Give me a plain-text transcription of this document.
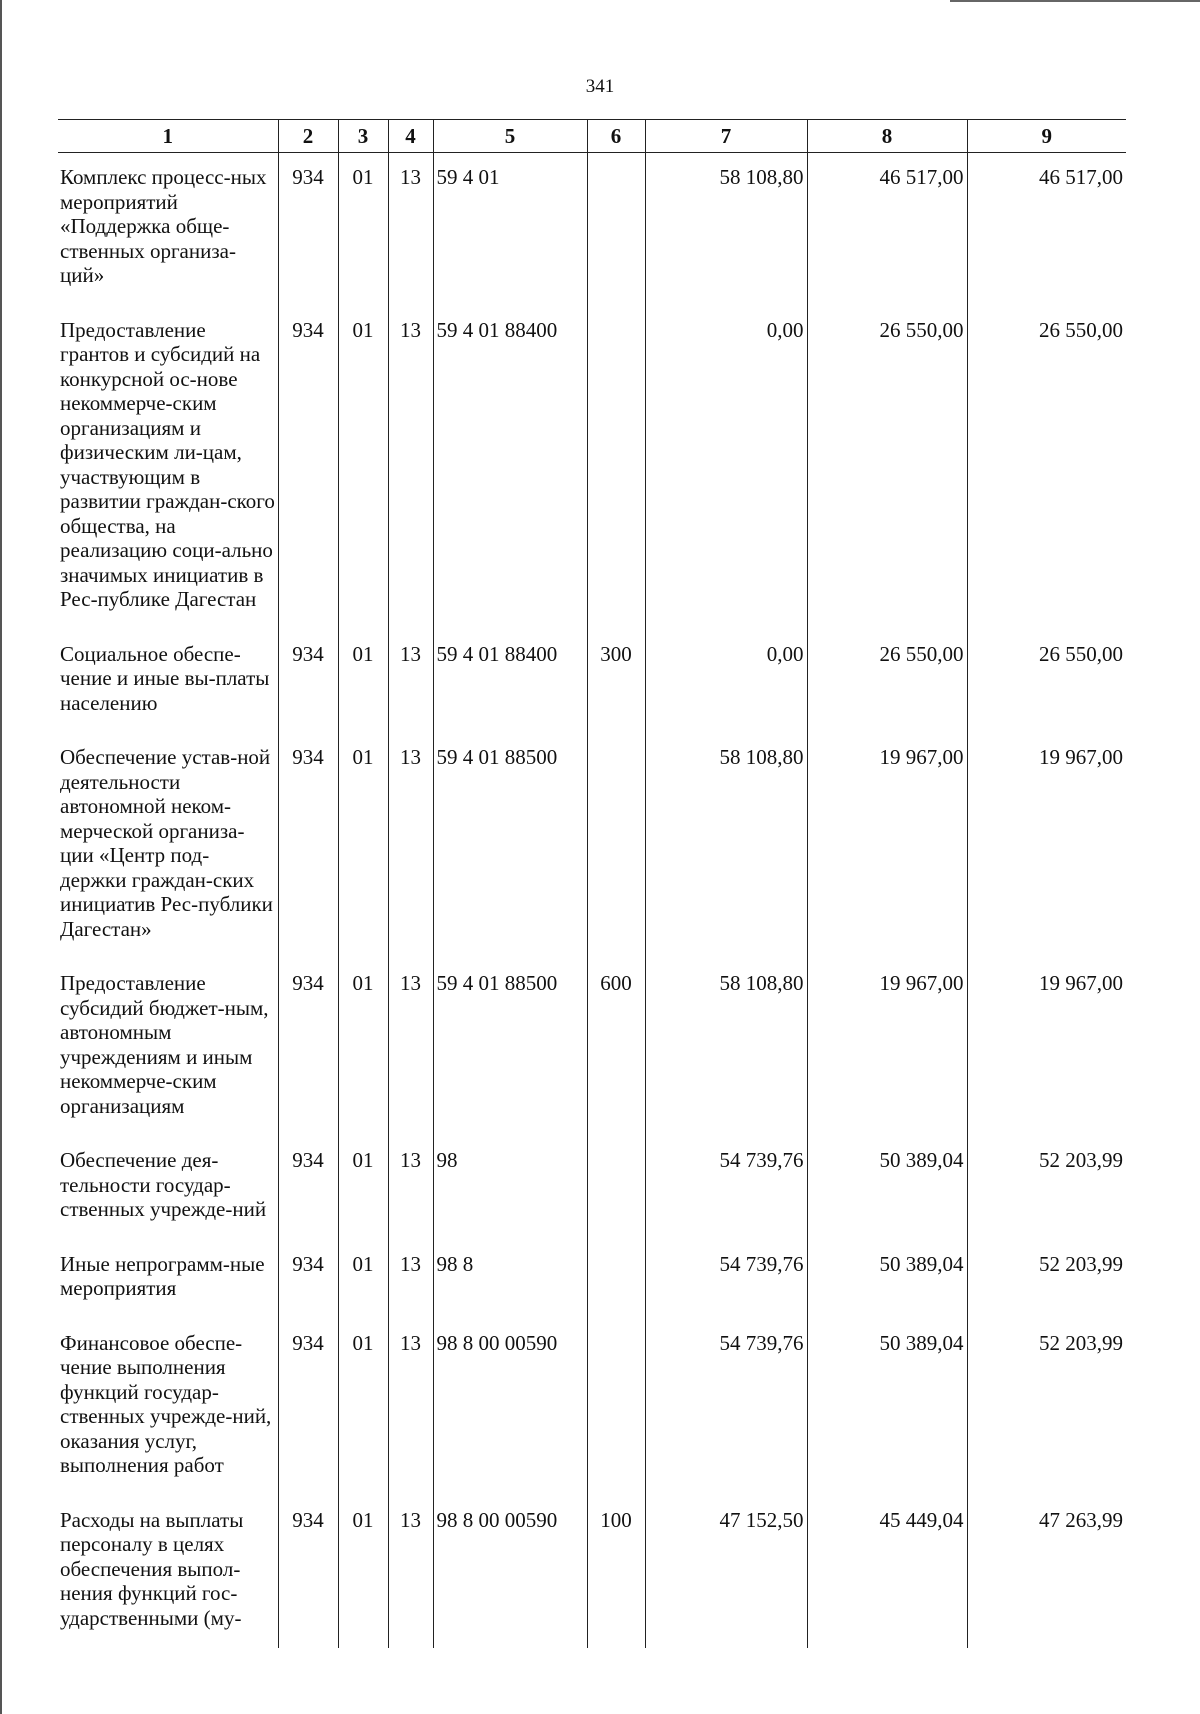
341
1	2	3	4	5	6	7	8	9
Комплекс процесс-ных мероприятий «Поддержка обще-ственных организа-ций»	934	01	13	59 4 01		58 108,80	46 517,00	46 517,00
Предоставление грантов и субсидий на конкурсной ос-нове некоммерче-ским организациям и физическим ли-цам, участвующим в развитии граждан-ского общества, на реализацию соци-ально значимых инициатив в Рес-публике Дагестан	934	01	13	59 4 01 88400		0,00	26 550,00	26 550,00
Социальное обеспе-чение и иные вы-платы населению	934	01	13	59 4 01 88400	300	0,00	26 550,00	26 550,00
Обеспечение устав-ной деятельности автономной неком-мерческой организа-ции «Центр под-держки граждан-ских инициатив Рес-публики Дагестан»	934	01	13	59 4 01 88500		58 108,80	19 967,00	19 967,00
Предоставление субсидий бюджет-ным, автономным учреждениям и иным некоммерче-ским организациям	934	01	13	59 4 01 88500	600	58 108,80	19 967,00	19 967,00
Обеспечение дея-тельности государ-ственных учрежде-ний	934	01	13	98		54 739,76	50 389,04	52 203,99
Иные непрограмм-ные мероприятия	934	01	13	98 8		54 739,76	50 389,04	52 203,99
Финансовое обеспе-чение выполнения функций государ-ственных учрежде-ний, оказания услуг, выполнения работ	934	01	13	98 8 00 00590		54 739,76	50 389,04	52 203,99
Расходы на выплаты персоналу в целях обеспечения выпол-нения функций гос-ударственными (му-	934	01	13	98 8 00 00590	100	47 152,50	45 449,04	47 263,99
